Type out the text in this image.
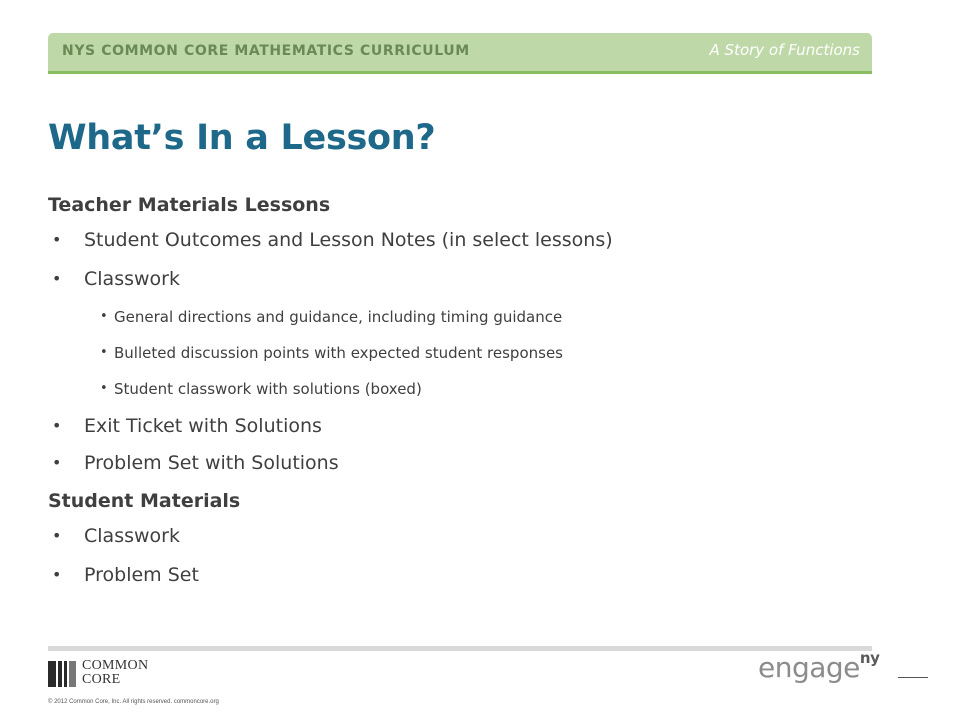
NYS COMMON CORE MATHEMATICS CURRICULUM	A Story of Functions
What’s In a Lesson?
Teacher Materials Lessons
• Student Outcomes and Lesson Notes (in select lessons)
• Classwork
• General directions and guidance, including timing guidance
• Bulleted discussion points with expected student responses
• Student classwork with solutions (boxed)
• Exit Ticket with Solutions
• Problem Set with Solutions
Student Materials
• Classwork
• Problem Set
COMMON
CORE
© 2012 Common Core, Inc. All rights reserved. commoncore.org
engage$^{ny}$
